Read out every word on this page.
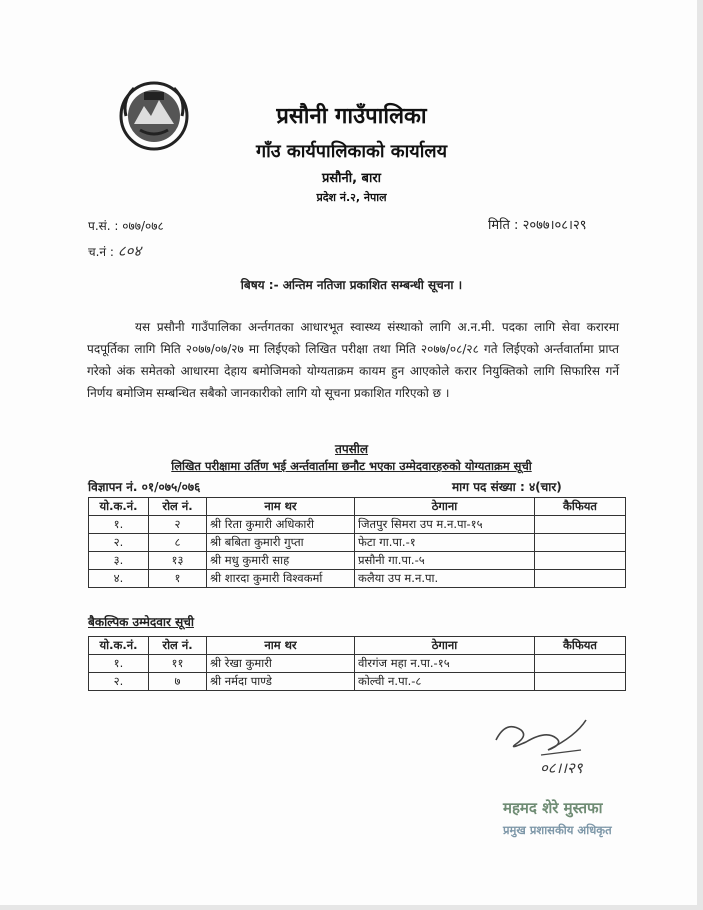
प्रसौनी गाउँपालिका
गाँउ कार्यपालिकाको कार्यालय
प्रसौनी, बारा
प्रदेश नं.२, नेपाल
प.सं. : ०७७/०७८	मिति : २०७७।०८।२९
च.नं : ८०४
बिषय :- अन्तिम नतिजा प्रकाशित सम्बन्धी सूचना ।
यस प्रसौनी गाउँपालिका अर्न्तगतका आधारभूत स्वास्थ्य संस्थाको लागि अ.न.मी. पदका लागि सेवा करारमा पदपूर्तिका लागि मिति २०७७/०७/२७ मा लिईएको लिखित परीक्षा तथा मिति २०७७/०८/२८ गते लिईएको अर्न्तवार्तामा प्राप्त गरेको अंक समेतको आधारमा देहाय बमोजिमको योग्यताक्रम कायम हुन आएकोले करार नियुक्तिको लागि सिफारिस गर्ने निर्णय बमोजिम सम्बन्धित सबैको जानकारीको लागि यो सूचना प्रकाशित गरिएको छ ।
तपसील
लिखित परीक्षामा उर्तिण भई अर्न्तवार्तामा छनौट भएका उम्मेदवारहरुको योग्यताक्रम सूची
विज्ञापन नं. ०१/०७५/०७६	माग पद संख्या : ४(चार)
यो.क.नं.	रोल नं.	नाम थर	ठेगाना	कैफियत
१.	२	श्री रिता कुमारी अधिकारी	जितपुर सिमरा उप म.न.पा-१५	
२.	८	श्री बबिता कुमारी गुप्ता	फेटा गा.पा.-१	
३.	१३	श्री मधु कुमारी साह	प्रसौनी गा.पा.-५	
४.	१	श्री शारदा कुमारी विश्वकर्मा	कलैया उप म.न.पा.	
बैकल्पिक उम्मेदवार सूची
यो.क.नं.	रोल नं.	नाम थर	ठेगाना	कैफियत
१.	११	श्री रेखा कुमारी	वीरगंज महा न.पा.-१५	
२.	७	श्री नर्मदा पाण्डे	कोल्वी न.पा.-८	
०८।।२९
महमद शेरे मुस्तफा
प्रमुख प्रशासकीय अधिकृत
